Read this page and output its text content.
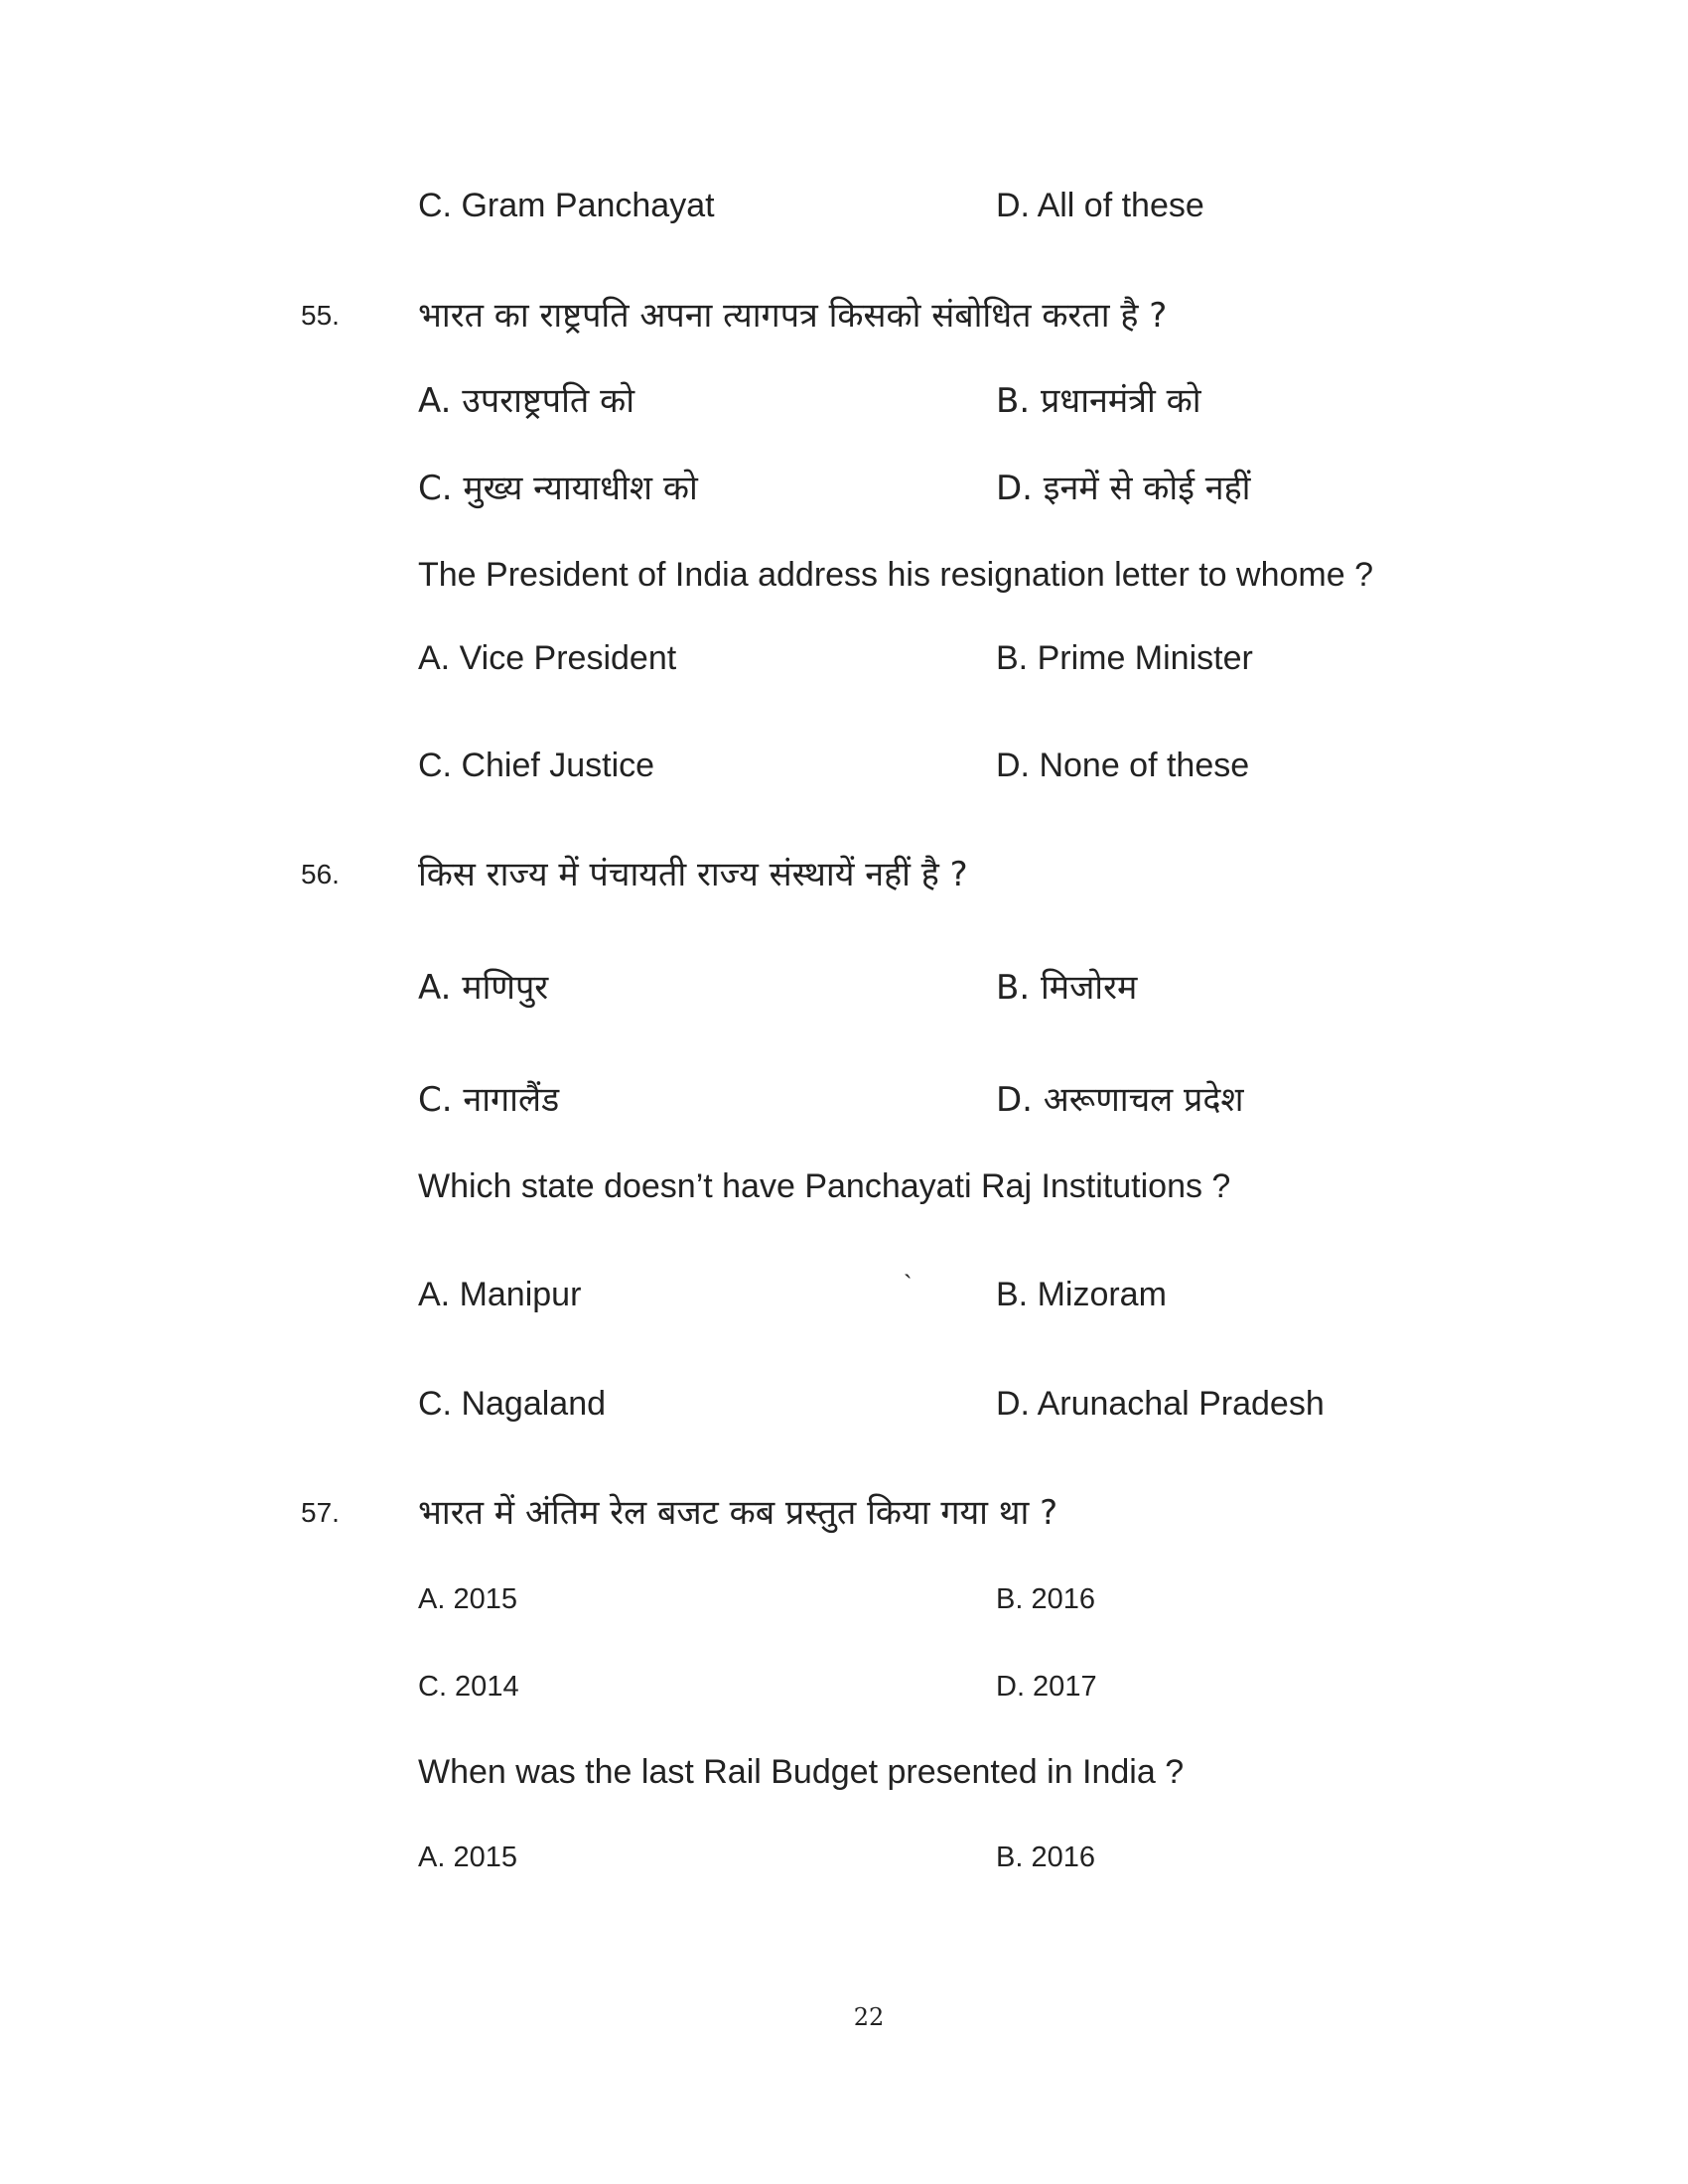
C. Gram Panchayat	D. All of these
55. भारत का राष्ट्रपति अपना त्यागपत्र किसको संबोधित करता है ?
A. उपराष्ट्रपति को	B. प्रधानमंत्री को
C. मुख्य न्यायाधीश को	D. इनमें से कोई नहीं
The President of India address his resignation letter to whome ?
A. Vice President	B. Prime Minister
C. Chief Justice	D. None of these
56. किस राज्य में पंचायती राज्य संस्थायें नहीं है ?
A. मणिपुर	B. मिजोरम
C. नागालैंड	D. अरूणाचल प्रदेश
Which state doesn’t have Panchayati Raj Institutions ?
A. Manipur	` B. Mizoram
C. Nagaland	D. Arunachal Pradesh
57. भारत में अंतिम रेल बजट कब प्रस्तुत किया गया था ?
A. 2015	B. 2016
C. 2014	D. 2017
When was the last Rail Budget presented in India ?
A. 2015	B. 2016
22
